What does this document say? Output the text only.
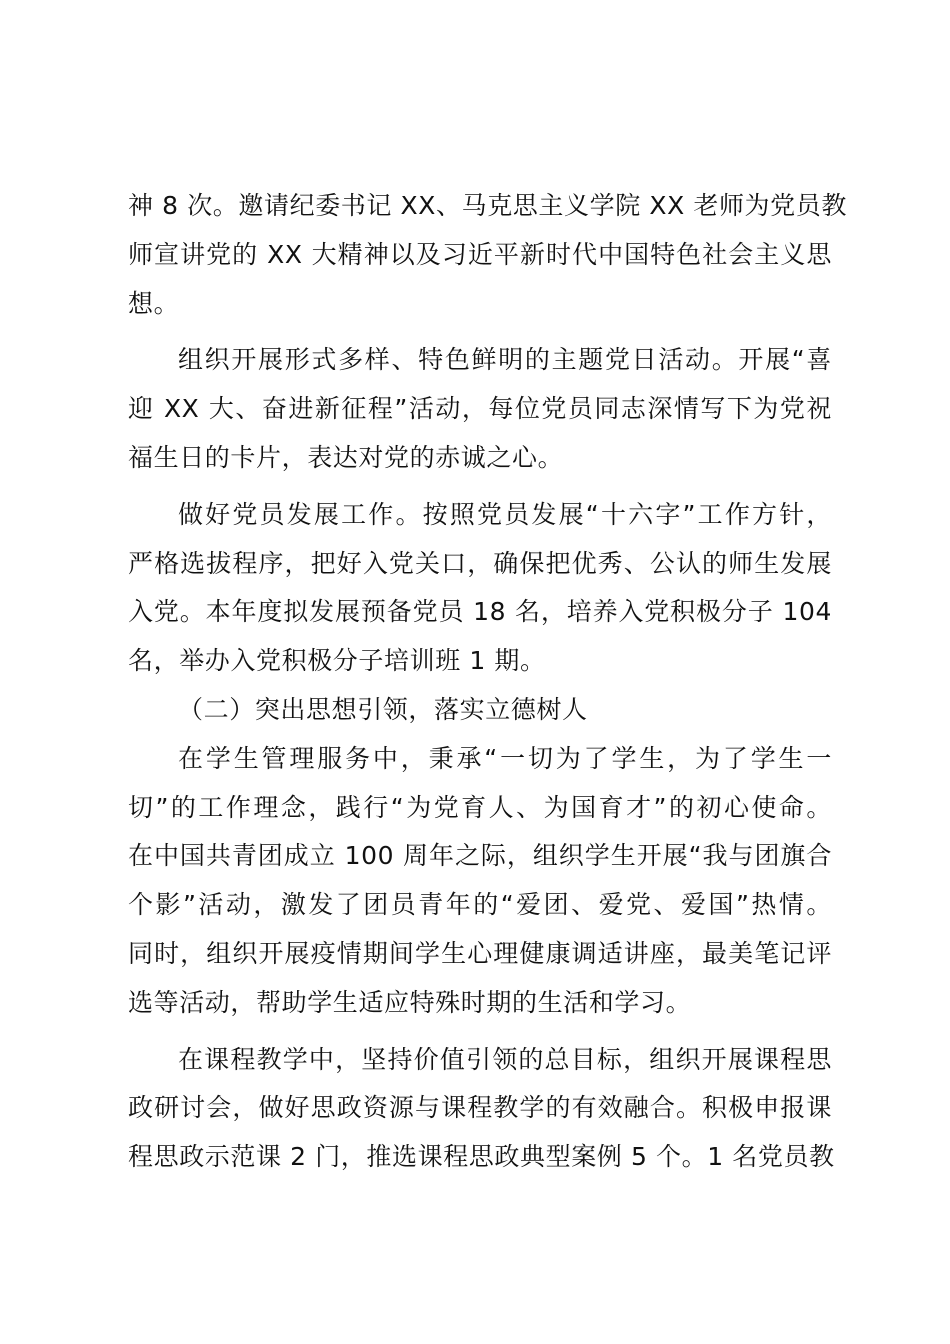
神 8 次。邀请纪委书记 XX、马克思主义学院 XX 老师为党员教
师宣讲党的 XX 大精神以及习近平新时代中国特色社会主义思
想。
组织开展形式多样、特色鲜明的主题党日活动。开展“喜
迎 XX 大、奋进新征程”活动，每位党员同志深情写下为党祝
福生日的卡片，表达对党的赤诚之心。
做好党员发展工作。按照党员发展“十六字”工作方针，
严格选拔程序，把好入党关口，确保把优秀、公认的师生发展
入党。本年度拟发展预备党员 18 名，培养入党积极分子 104
名，举办入党积极分子培训班 1 期。
（二）突出思想引领，落实立德树人
在学生管理服务中，秉承“一切为了学生，为了学生一
切”的工作理念，践行“为党育人、为国育才”的初心使命。
在中国共青团成立 100 周年之际，组织学生开展“我与团旗合
个影”活动，激发了团员青年的“爱团、爱党、爱国”热情。
同时，组织开展疫情期间学生心理健康调适讲座，最美笔记评
选等活动，帮助学生适应特殊时期的生活和学习。
在课程教学中，坚持价值引领的总目标，组织开展课程思
政研讨会，做好思政资源与课程教学的有效融合。积极申报课
程思政示范课 2 门，推选课程思政典型案例 5 个。1 名党员教
